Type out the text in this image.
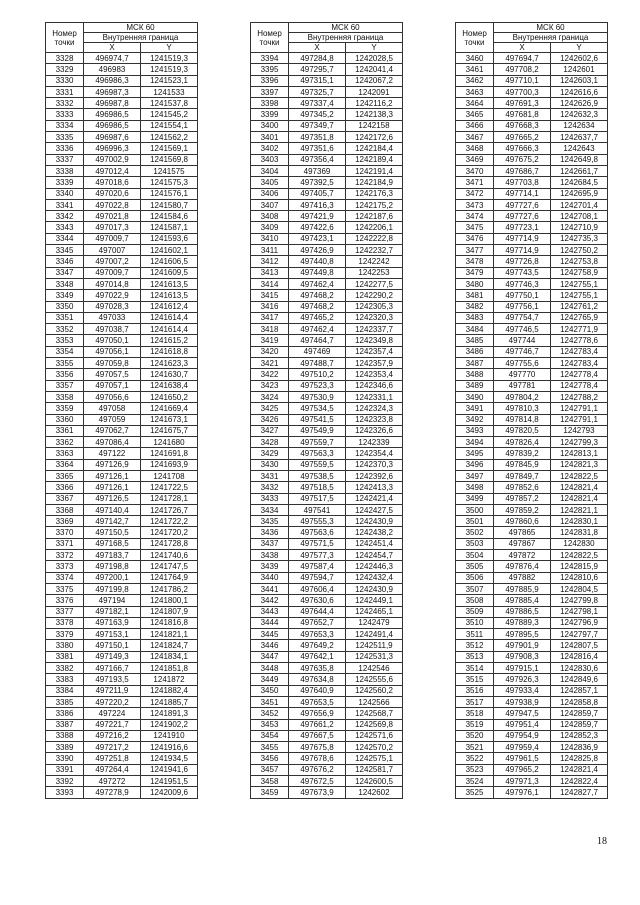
Номер точки	МСК 60	
	Внутренняя граница	
	X	Y
3328	496974,7	1241519,3
3329	496983	1241519,3
3330	496986,3	1241523,1
3331	496987,3	1241533
3332	496987,8	1241537,8
3333	496986,5	1241545,2
3334	496986,5	1241554,1
3335	496987,6	1241562,2
3336	496996,3	1241569,1
3337	497002,9	1241569,8
3338	497012,4	1241575
3339	497018,6	1241575,3
3340	497020,6	1241576,1
3341	497022,8	1241580,7
3342	497021,8	1241584,6
3343	497017,3	1241587,1
3344	497009,7	1241593,6
3345	497007	1241602,1
3346	497007,2	1241606,5
3347	497009,7	1241609,5
3348	497014,8	1241613,5
3349	497022,9	1241613,5
3350	497028,3	1241612,4
3351	497033	1241614,4
3352	497038,7	1241614,4
3353	497050,1	1241615,2
3354	497056,1	1241618,8
3355	497059,8	1241623,3
3356	497057,5	1241630,7
3357	497057,1	1241638,4
3358	497056,6	1241650,2
3359	497058	1241669,4
3360	497059	1241673,1
3361	497062,7	1241675,7
3362	497086,4	1241680
3363	497122	1241691,8
3364	497126,9	1241693,9
3365	497126,1	1241708
3366	497126,1	1241722,5
3367	497126,5	1241728,1
3368	497140,4	1241726,7
3369	497142,7	1241722,2
3370	497150,5	1241720,2
3371	497168,5	1241728,8
3372	497183,7	1241740,6
3373	497198,8	1241747,5
3374	497200,1	1241764,9
3375	497199,8	1241786,2
3376	497194	1241800,1
3377	497182,1	1241807,9
3378	497163,9	1241816,8
3379	497153,1	1241821,1
3380	497150,1	1241824,7
3381	497149,3	1241834,1
3382	497166,7	1241851,8
3383	497193,5	1241872
3384	497211,9	1241882,4
3385	497220,2	1241885,7
3386	497224	1241891,3
3387	497221,7	1241902,2
3388	497216,2	1241910
3389	497217,2	1241916,6
3390	497251,8	1241934,5
3391	497264,4	1241941,6
3392	497272	1241951,5
3393	497278,9	1242009,6
Номер точки	МСК 60	
	Внутренняя граница	
	X	Y
3394	497284,8	1242028,5
3395	497295,7	1242041,4
3396	497315,1	1242067,2
3397	497325,7	1242091
3398	497337,4	1242116,2
3399	497345,2	1242138,3
3400	497349,7	1242158
3401	497351,8	1242172,6
3402	497351,6	1242184,4
3403	497356,4	1242189,4
3404	497369	1242191,4
3405	497392,5	1242184,9
3406	497405,7	1242176,3
3407	497416,3	1242175,2
3408	497421,9	1242187,6
3409	497422,6	1242206,1
3410	497423,1	1242222,8
3411	497426,9	1242232,7
3412	497440,8	1242242
3413	497449,8	1242253
3414	497462,4	1242277,5
3415	497468,2	1242290,2
3416	497468,2	1242305,3
3417	497465,2	1242320,3
3418	497462,4	1242337,7
3419	497464,7	1242349,8
3420	497469	1242357,4
3421	497488,7	1242357,9
3422	497510,2	1242353,4
3423	497523,3	1242346,6
3424	497530,9	1242331,1
3425	497534,5	1242324,3
3426	497541,5	1242323,8
3427	497549,9	1242326,6
3428	497559,7	1242339
3429	497563,3	1242354,4
3430	497559,5	1242370,3
3431	497538,5	1242392,6
3432	497518,5	1242413,3
3433	497517,5	1242421,4
3434	497541	1242427,5
3435	497555,3	1242430,9
3436	497563,6	1242438,2
3437	497571,5	1242451,4
3438	497577,3	1242454,7
3439	497587,4	1242446,3
3440	497594,7	1242432,4
3441	497606,4	1242430,9
3442	497630,6	1242449,1
3443	497644,4	1242465,1
3444	497652,7	1242479
3445	497653,3	1242491,4
3446	497649,2	1242511,9
3447	497642,1	1242531,3
3448	497635,8	1242546
3449	497634,8	1242555,6
3450	497640,9	1242560,2
3451	497653,5	1242566
3452	497656,9	1242568,7
3453	497661,2	1242569,8
3454	497667,5	1242571,6
3455	497675,8	1242570,2
3456	497678,6	1242575,1
3457	497676,2	1242581,7
3458	497672,5	1242600,5
3459	497673,9	1242602
Номер точки	МСК 60	
	Внутренняя граница	
	X	Y
3460	497694,7	1242602,6
3461	497708,2	1242601
3462	497710,1	1242603,1
3463	497700,3	1242616,6
3464	497691,3	1242626,9
3465	497681,8	1242632,3
3466	497668,3	1242634
3467	497665,2	1242637,7
3468	497666,3	1242643
3469	497675,2	1242649,8
3470	497686,7	1242661,7
3471	497703,8	1242684,5
3472	497714,1	1242695,9
3473	497727,6	1242701,4
3474	497727,6	1242708,1
3475	497723,1	1242710,9
3476	497714,9	1242735,3
3477	497714,9	1242750,2
3478	497726,8	1242753,8
3479	497743,5	1242758,9
3480	497746,3	1242755,1
3481	497750,1	1242755,1
3482	497756,1	1242761,2
3483	497754,7	1242765,9
3484	497746,5	1242771,9
3485	497744	1242778,6
3486	497746,7	1242783,4
3487	497755,6	1242783,4
3488	497770	1242778,4
3489	497781	1242778,4
3490	497804,2	1242788,2
3491	497810,3	1242791,1
3492	497814,8	1242791,1
3493	497820,5	1242793
3494	497826,4	1242799,3
3495	497839,2	1242813,1
3496	497845,9	1242821,3
3497	497849,7	1242822,5
3498	497852,6	1242821,4
3499	497857,2	1242821,4
3500	497859,2	1242821,1
3501	497860,6	1242830,1
3502	497865	1242831,8
3503	497867	1242830
3504	497872	1242822,5
3505	497876,4	1242815,9
3506	497882	1242810,6
3507	497885,9	1242804,5
3508	497885,4	1242799,8
3509	497886,5	1242798,1
3510	497889,3	1242796,9
3511	497895,5	1242797,7
3512	497901,9	1242807,5
3513	497908,3	1242816,4
3514	497915,1	1242830,6
3515	497926,3	1242849,6
3516	497933,4	1242857,1
3517	497938,9	1242858,8
3518	497947,5	1242859,7
3519	497951,4	1242859,7
3520	497954,9	1242852,3
3521	497959,4	1242836,9
3522	497961,5	1242825,8
3523	497965,2	1242821,4
3524	497971,3	1242822,4
3525	497976,1	1242827,7
18
